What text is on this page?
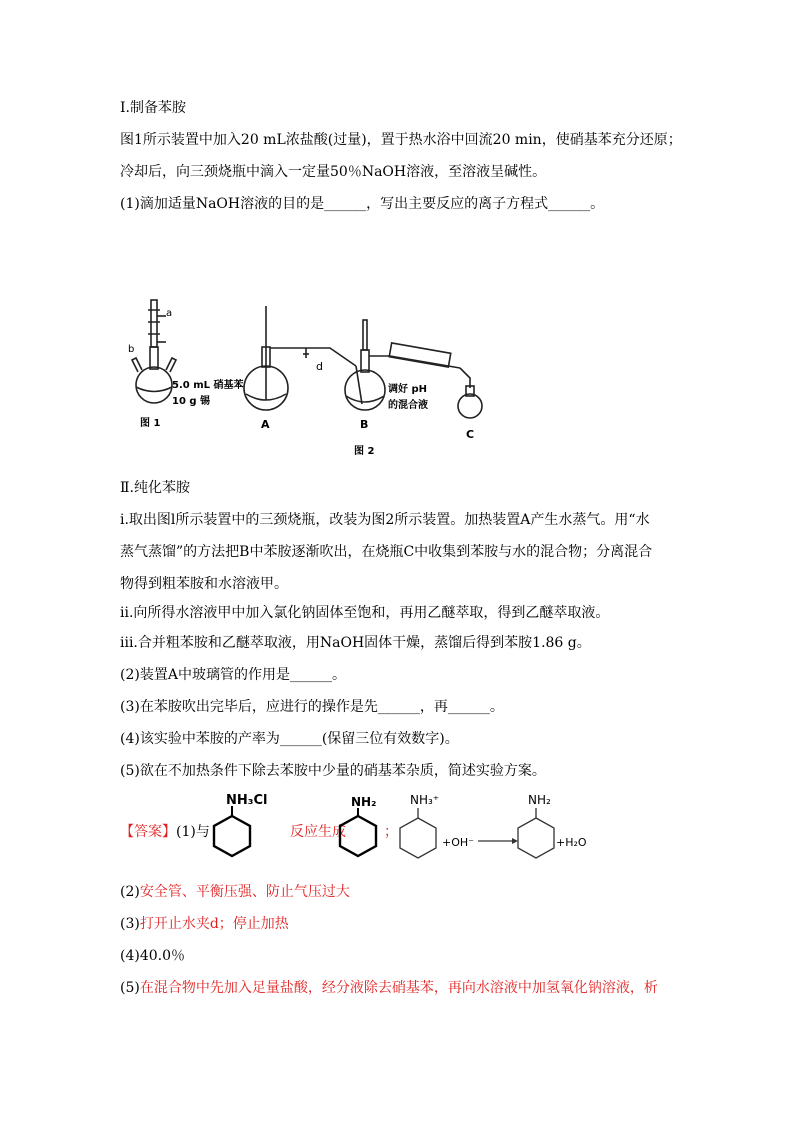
Ⅰ.制备苯胺
图1所示装置中加入20 mL浓盐酸(过量)，置于热水浴中回流20 min，使硝基苯充分还原；
冷却后，向三颈烧瓶中滴入一定量50％NaOH溶液，至溶液呈碱性。
(1)滴加适量NaOH溶液的目的是______，写出主要反应的离子方程式______。
a
b
d
5.0 mL 硝基苯
10 g 锡
图 1	A	B
C
调好 pH
的混合液
图 2
Ⅱ.纯化苯胺
ⅰ.取出图l所示装置中的三颈烧瓶，改装为图2所示装置。加热装置A产生水蒸气。用“水
蒸气蒸馏”的方法把B中苯胺逐渐吹出，在烧瓶C中收集到苯胺与水的混合物；分离混合
物得到粗苯胺和水溶液甲。
ⅱ.向所得水溶液甲中加入氯化钠固体至饱和，再用乙醚萃取，得到乙醚萃取液。
iii.合并粗苯胺和乙醚萃取液，用NaOH固体干燥，蒸馏后得到苯胺1.86 g。
(2)装置A中玻璃管的作用是______。
(3)在苯胺吹出完毕后，应进行的操作是先______，再______。
(4)该实验中苯胺的产率为______(保留三位有效数字)。
(5)欲在不加热条件下除去苯胺中少量的硝基苯杂质，简述实验方案。
【答案】(1)与
NH₃Cl
反应生成
NH₂
；
NH₃⁺
+OH⁻
NH₂
+H₂O
(2)安全管、平衡压强、防止气压过大
(3)打开止水夹d；停止加热
(4)40.0％
(5)在混合物中先加入足量盐酸，经分液除去硝基苯，再向水溶液中加氢氧化钠溶液，析
